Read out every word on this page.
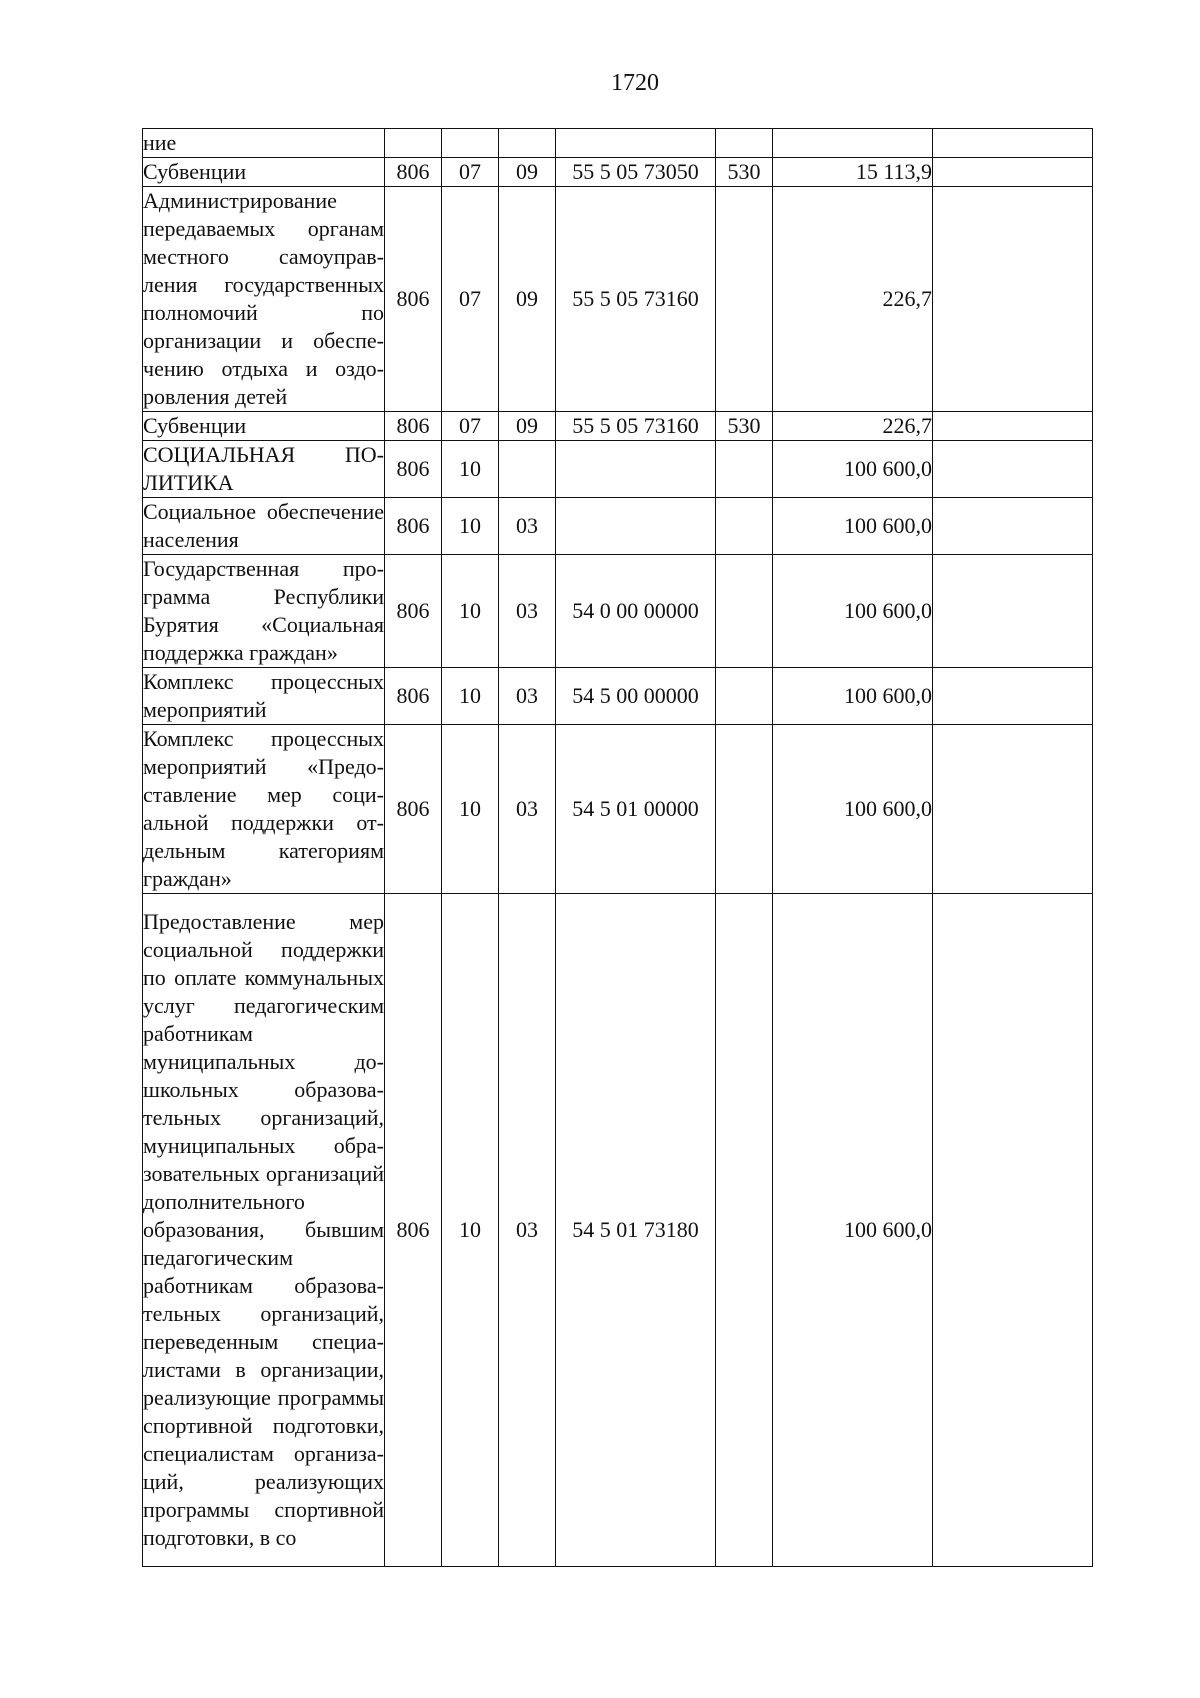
1720
ние							
Субвенции	806	07	09	55 5 05 73050	530	15 113,9	
Администрирование передаваемых органам местного самоуправления государственных полномочий по организации и обеспечению отдыха и оздоровления детей	806	07	09	55 5 05 73160		226,7	
Субвенции	806	07	09	55 5 05 73160	530	226,7	
СОЦИАЛЬНАЯ ПОЛИТИКА	806	10				100 600,0	
Социальное обеспечение населения	806	10	03			100 600,0	
Государственная программа Республики Бурятия «Социальная поддержка граждан»	806	10	03	54 0 00 00000		100 600,0	
Комплекс процессных мероприятий	806	10	03	54 5 00 00000		100 600,0	
Комплекс процессных мероприятий «Предоставление мер социальной поддержки отдельным категориям граждан»	806	10	03	54 5 01 00000		100 600,0	
Предоставление мер социальной поддержки по оплате коммунальных услуг педагогическим работникам муниципальных дошкольных образовательных организаций, муниципальных образовательных организаций дополнительного образования, бывшим педагогическим работникам образовательных организаций, переведенным специалистами в организации, реализующие программы спортивной подготовки, специалистам организаций, реализующих программы спортивной подготовки, в со	806	10	03	54 5 01 73180		100 600,0	
